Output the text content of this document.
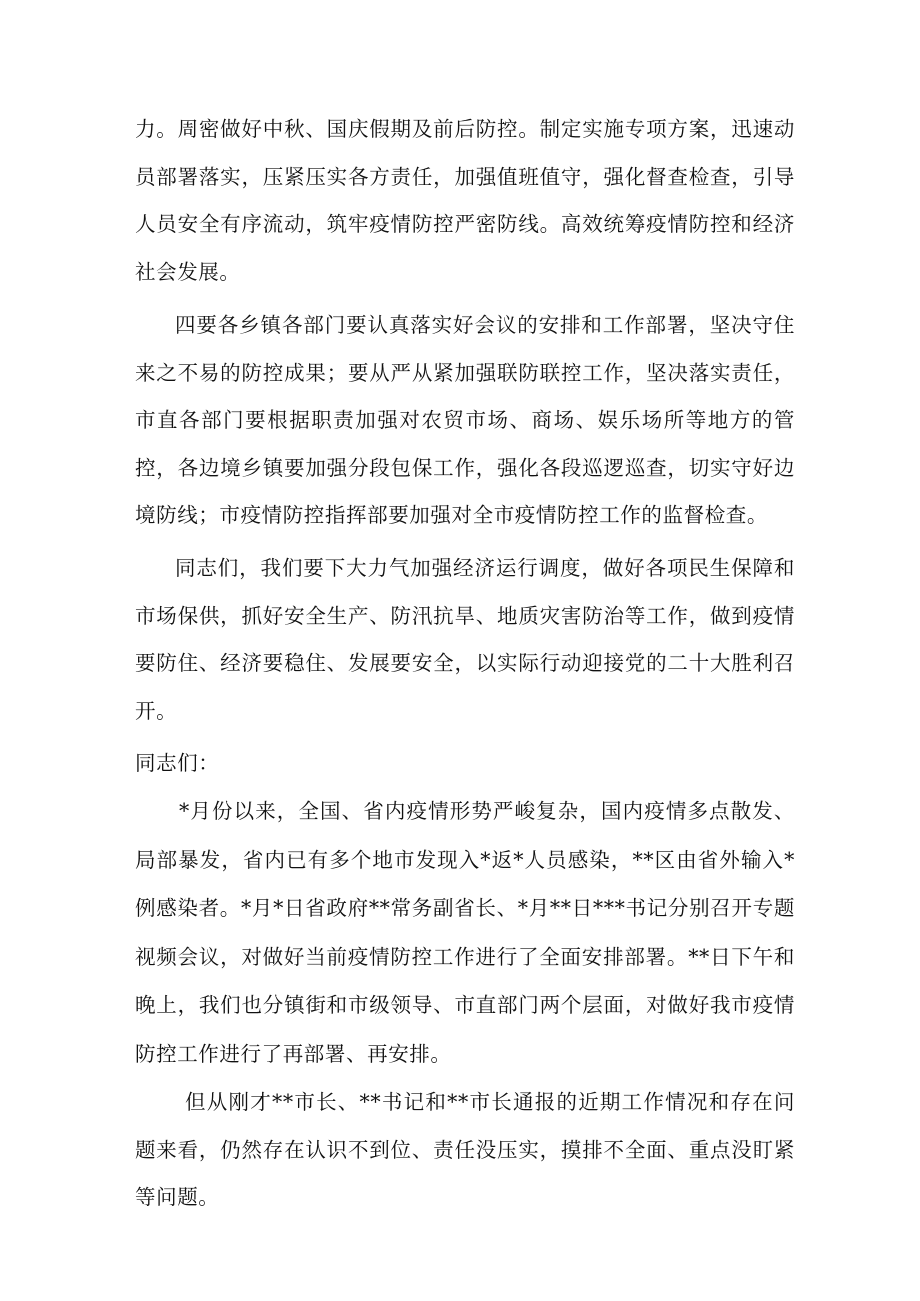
力。周密做好中秋、国庆假期及前后防控。制定实施专项方案，迅速动员部署落实，压紧压实各方责任，加强值班值守，强化督查检查，引导人员安全有序流动，筑牢疫情防控严密防线。高效统筹疫情防控和经济社会发展。

四要各乡镇各部门要认真落实好会议的安排和工作部署，坚决守住来之不易的防控成果；要从严从紧加强联防联控工作，坚决落实责任，市直各部门要根据职责加强对农贸市场、商场、娱乐场所等地方的管控，各边境乡镇要加强分段包保工作，强化各段巡逻巡查，切实守好边境防线；市疫情防控指挥部要加强对全市疫情防控工作的监督检查。

同志们，我们要下大力气加强经济运行调度，做好各项民生保障和市场保供，抓好安全生产、防汛抗旱、地质灾害防治等工作，做到疫情要防住、经济要稳住、发展要安全，以实际行动迎接党的二十大胜利召开。

同志们：

*月份以来，全国、省内疫情形势严峻复杂，国内疫情多点散发、局部暴发，省内已有多个地市发现入*返*人员感染，**区由省外输入*例感染者。*月*日省政府**常务副省长、*月**日***书记分别召开专题视频会议，对做好当前疫情防控工作进行了全面安排部署。**日下午和晚上，我们也分镇街和市级领导、市直部门两个层面，对做好我市疫情防控工作进行了再部署、再安排。

但从刚才**市长、**书记和**市长通报的近期工作情况和存在问题来看，仍然存在认识不到位、责任没压实，摸排不全面、重点没盯紧等问题。
